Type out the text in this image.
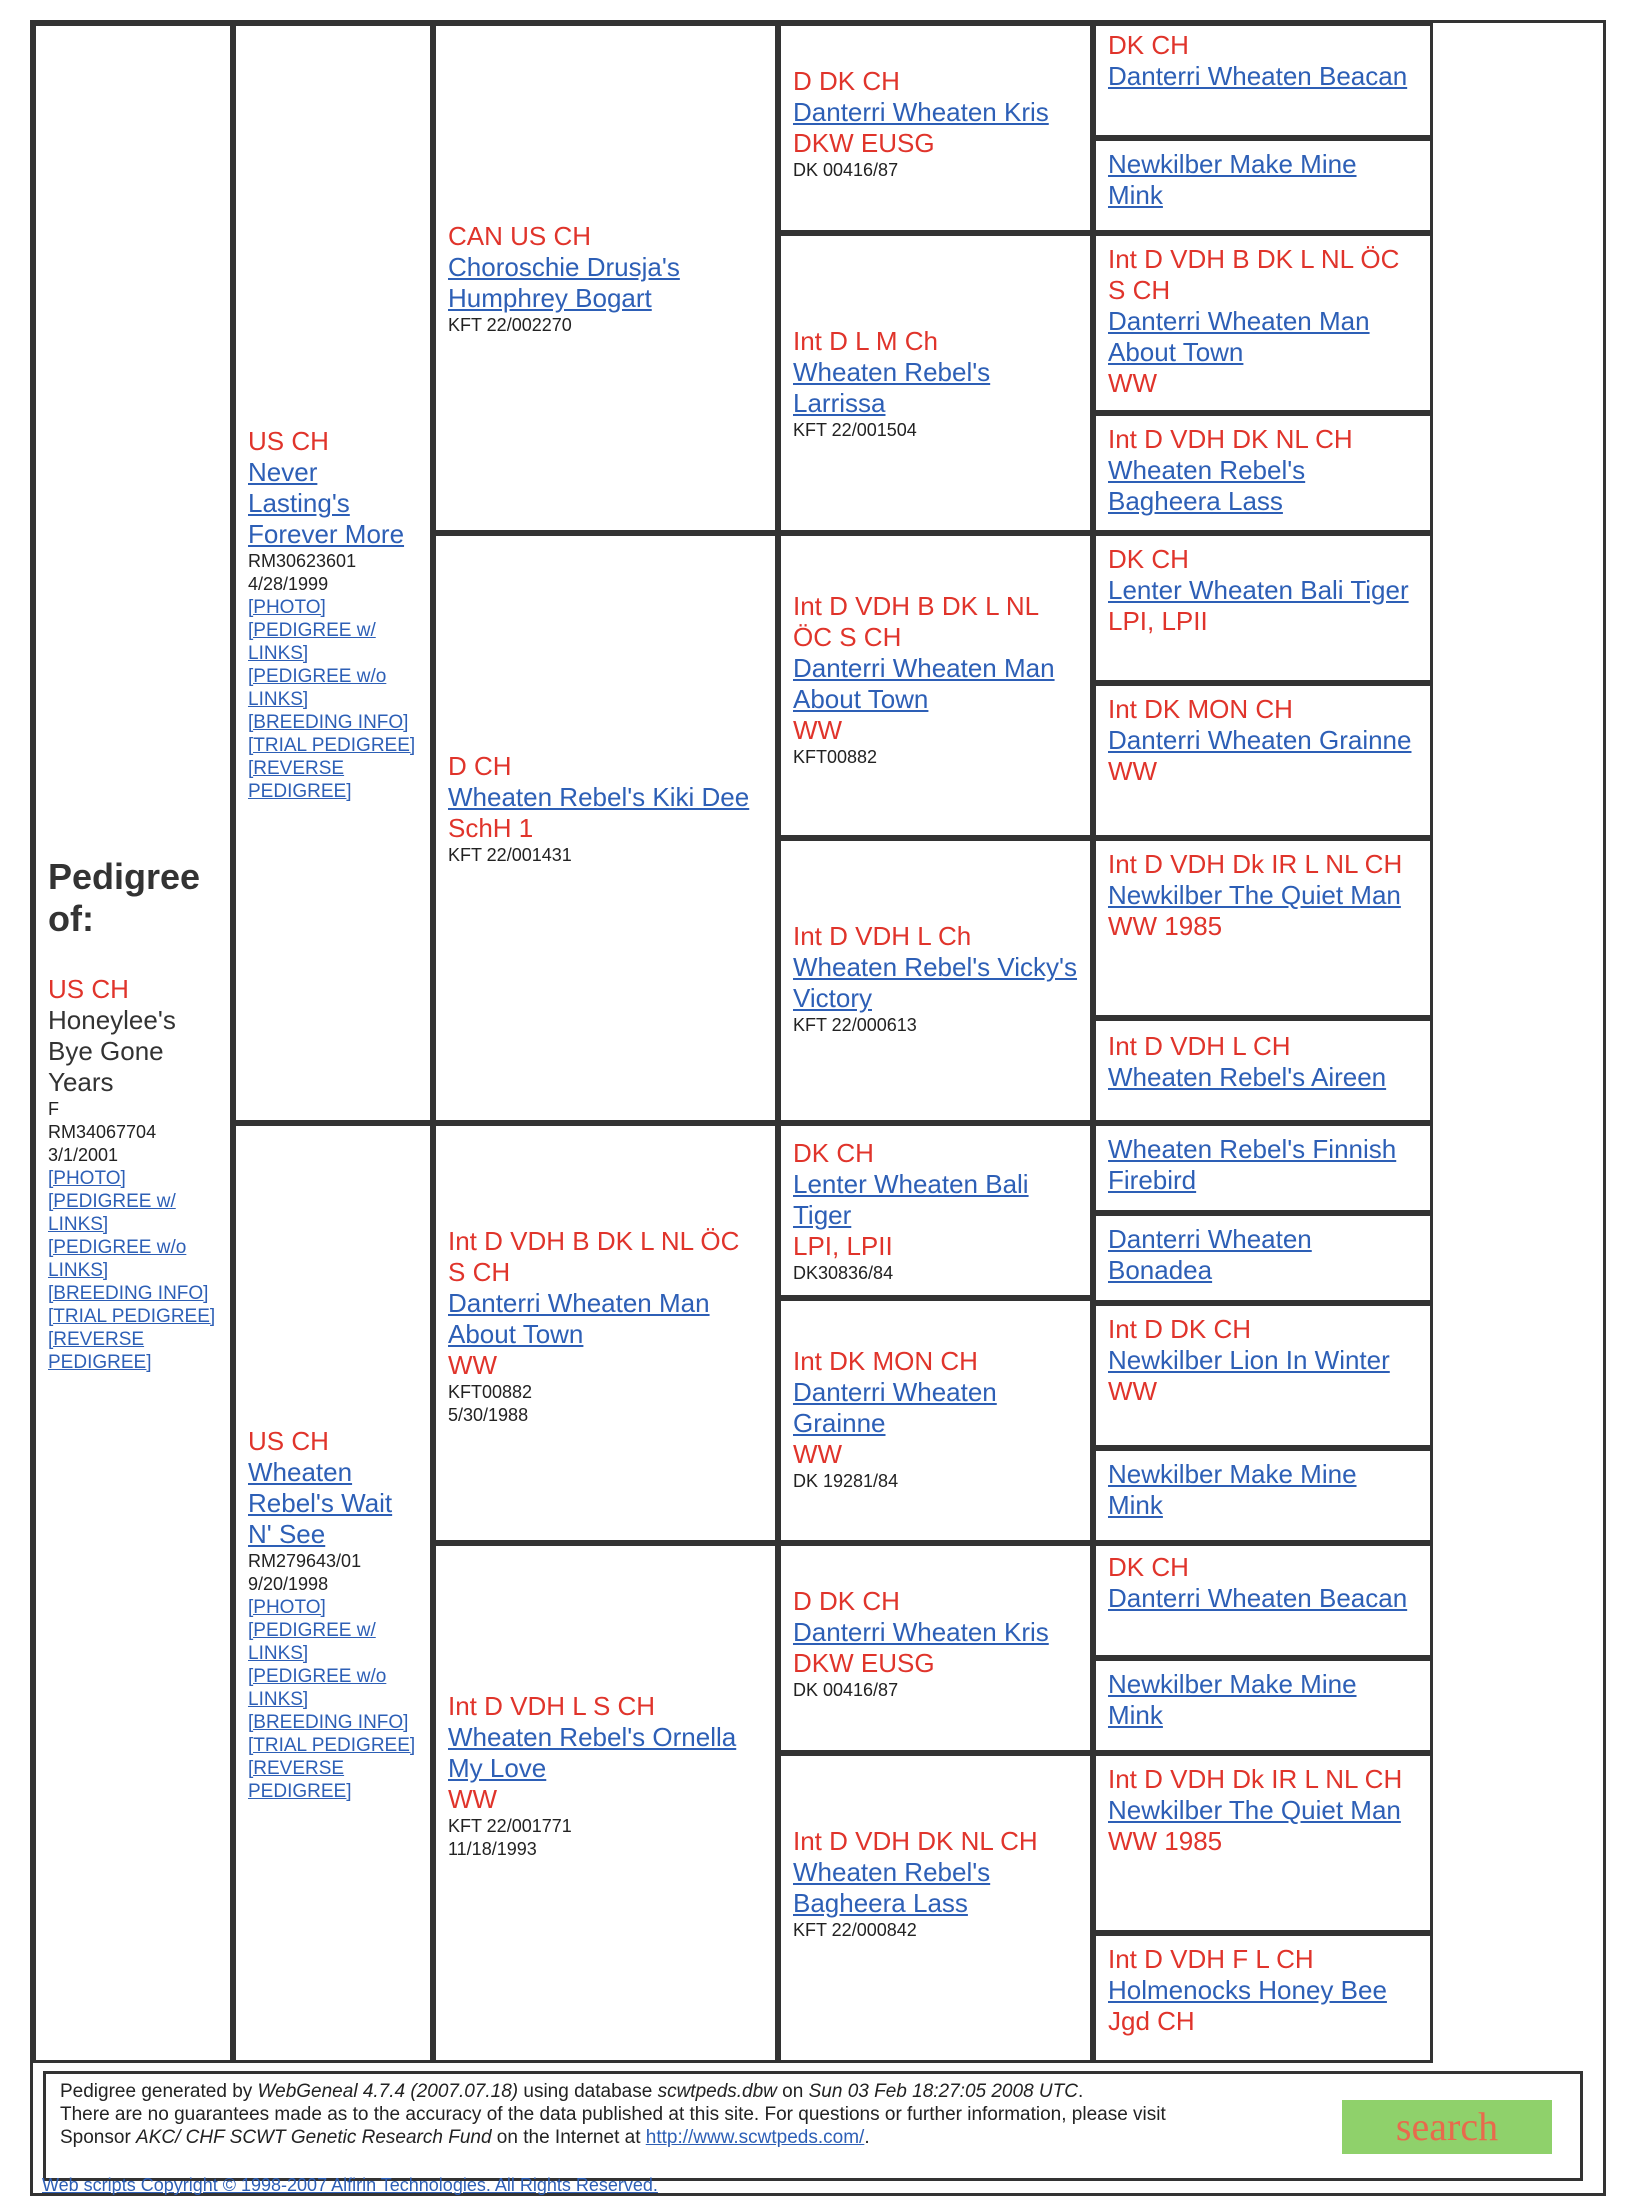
Pedigree of:
US CH
Honeylee's Bye Gone Years
F
RM34067704
3/1/2001
[PHOTO]
[PEDIGREE w/ LINKS]
[PEDIGREE w/o LINKS]
[BREEDING INFO]
[TRIAL PEDIGREE]
[REVERSE PEDIGREE]
US CH
Never Lasting's Forever More
RM30623601
4/28/1999
[PHOTO]
[PEDIGREE w/ LINKS]
[PEDIGREE w/o LINKS]
[BREEDING INFO]
[TRIAL PEDIGREE]
[REVERSE PEDIGREE]
US CH
Wheaten Rebel's Wait N' See
RM279643/01
9/20/1998
[PHOTO]
[PEDIGREE w/ LINKS]
[PEDIGREE w/o LINKS]
[BREEDING INFO]
[TRIAL PEDIGREE]
[REVERSE PEDIGREE]
CAN US CH
Choroschie Drusja's Humphrey Bogart
KFT 22/002270
D CH
Wheaten Rebel's Kiki Dee
SchH 1
KFT 22/001431
Int D VDH B DK L NL ÖC S CH
Danterri Wheaten Man About Town
WW
KFT00882
5/30/1988
Int D VDH L S CH
Wheaten Rebel's Ornella My Love
WW
KFT 22/001771
11/18/1993
D DK CH
Danterri Wheaten Kris
DKW EUSG
DK 00416/87
Int D L M Ch
Wheaten Rebel's Larrissa
KFT 22/001504
Int D VDH B DK L NL ÖC S CH
Danterri Wheaten Man About Town
WW
KFT00882
Int D VDH L Ch
Wheaten Rebel's Vicky's Victory
KFT 22/000613
DK CH
Lenter Wheaten Bali Tiger
LPI, LPII
DK30836/84
Int DK MON CH
Danterri Wheaten Grainne
WW
DK 19281/84
D DK CH
Danterri Wheaten Kris
DKW EUSG
DK 00416/87
Int D VDH DK NL CH
Wheaten Rebel's Bagheera Lass
KFT 22/000842
DK CH
Danterri Wheaten Beacan
Newkilber Make Mine Mink
Int D VDH B DK L NL ÖC S CH
Danterri Wheaten Man About Town
WW
Int D VDH DK NL CH
Wheaten Rebel's Bagheera Lass
DK CH
Lenter Wheaten Bali Tiger
LPI, LPII
Int DK MON CH
Danterri Wheaten Grainne
WW
Int D VDH Dk IR L NL CH
Newkilber The Quiet Man
WW 1985
Int D VDH L CH
Wheaten Rebel's Aireen
Wheaten Rebel's Finnish Firebird
Danterri Wheaten Bonadea
Int D DK CH
Newkilber Lion In Winter
WW
Newkilber Make Mine Mink
DK CH
Danterri Wheaten Beacan
Newkilber Make Mine Mink
Int D VDH Dk IR L NL CH
Newkilber The Quiet Man
WW 1985
Int D VDH F L CH
Holmenocks Honey Bee
Jgd CH
Pedigree generated by WebGeneal 4.7.4 (2007.07.18) using database scwtpeds.dbw on Sun 03 Feb 18:27:05 2008 UTC.
There are no guarantees made as to the accuracy of the data published at this site. For questions or further information, please visit
Sponsor AKC/ CHF SCWT Genetic Research Fund on the Internet at http://www.scwtpeds.com/.	search
Web scripts Copyright © 1998-2007 Alfirin Technologies. All Rights Reserved.
